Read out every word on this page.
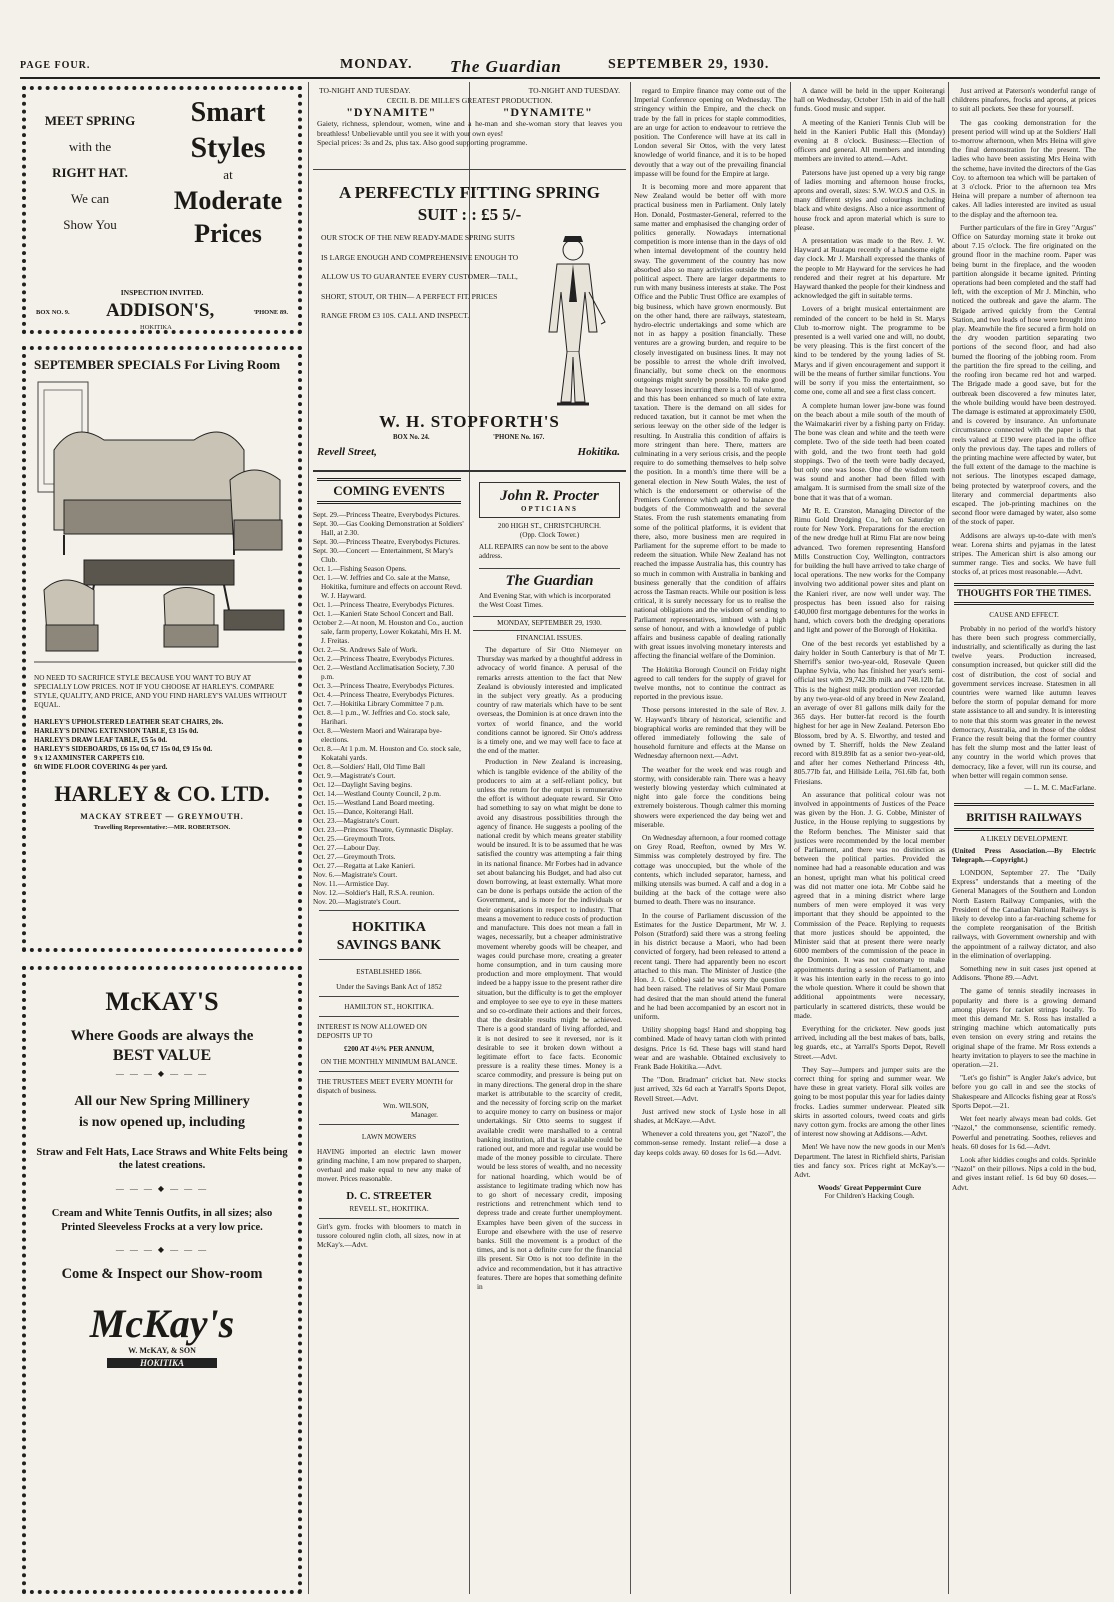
PAGE FOUR.	MONDAY. The Guardian	SEPTEMBER 29, 1930.
MEET SPRING
with the
RIGHT HAT.
We can
Show You
Smart
Styles
at
Moderate
Prices
INSPECTION INVITED.
BOX NO. 9. ADDISON'S,	'PHONE 89.
HOKITIKA
SEPTEMBER SPECIALS For Living Room
NO NEED TO SACRIFICE STYLE BECAUSE YOU WANT TO BUY AT SPECIALLY LOW PRICES. NOT IF YOU CHOOSE AT HARLEY'S. COMPARE STYLE, QUALITY, AND PRICE, AND YOU FIND HARLEY'S VALUES WITHOUT EQUAL.
HARLEY'S UPHOLSTERED LEATHER SEAT CHAIRS, 20s.
HARLEY'S DINING EXTENSION TABLE, £3 15s 0d.
HARLEY'S DRAW LEAF TABLE, £5 5s 0d.
HARLEY'S SIDEBOARDS, £6 15s 0d, £7 15s 0d, £9 15s 0d.
9 x 12 AXMINSTER CARPETS £10.
6ft WIDE FLOOR COVERING 4s per yard.
HARLEY & CO. LTD.
MACKAY STREET — GREYMOUTH.
Travelling Representative:—MR. ROBERTSON.
McKAY'S
Where Goods are always the
BEST VALUE
— — — ◆ — — —
All our New Spring Millinery
is now opened up, including
Straw and Felt Hats, Lace Straws and White Felts being the latest creations.
— — — ◆ — — —
Cream and White Tennis Outfits, in all sizes; also Printed Sleeveless Frocks at a very low price.
— — — ◆ — — —
Come & Inspect our Show-room
McKay's
W. McKAY, & SON
HOKITIKA
TO-NIGHT AND TUESDAY.	TO-NIGHT AND TUESDAY.
CECIL B. DE MILLE'S GREATEST PRODUCTION.
"DYNAMITE"	"DYNAMITE"
Gaiety, richness, splendour, women, wine and a he-man and she-woman story that leaves you breathless! Unbelievable until you see it with your own eyes!
Special prices: 3s and 2s, plus tax. Also good supporting programme.
A PERFECTLY FITTING SPRING
SUIT : : £5 5/-
OUR STOCK OF THE NEW READY-MADE SPRING SUITS IS LARGE ENOUGH AND COMPREHENSIVE ENOUGH TO ALLOW US TO GUARANTEE EVERY CUSTOMER—TALL, SHORT, STOUT, OR THIN— A PERFECT FIT. PRICES RANGE FROM £3 10S. CALL AND INSPECT.
W. H. STOPFORTH'S
BOX No. 24.	'PHONE No. 167.
Revell Street,	Hokitika.
COMING EVENTS

Sept. 29.—Princess Theatre, Everybodys Pictures.

Sept. 30.—Gas Cooking Demonstration at Soldiers' Hall, at 2.30.

Sept. 30.—Princess Theatre, Everybodys Pictures.

Sept. 30.—Concert — Entertainment, St Mary's Club.

Oct. 1.—Fishing Season Opens.

Oct. 1.—W. Jeffries and Co. sale at the Manse, Hokitika, furniture and effects on account Revd. W. J. Hayward.

Oct. 1.—Princess Theatre, Everybodys Pictures.

Oct. 1.—Kanieri State School Concert and Ball.

October 2.—At noon, M. Houston and Co., auction sale, farm property, Lower Kokatahi, Mrs H. M. J. Freitas.

Oct. 2.—St. Andrews Sale of Work.

Oct. 2.—Princess Theatre, Everybodys Pictures.

Oct. 2.—Westland Acclimatisation Society, 7.30 p.m.

Oct. 3.—Princess Theatre, Everybodys Pictures.

Oct. 4.—Princess Theatre, Everybodys Pictures.

Oct. 7.—Hokitika Library Committee 7 p.m.

Oct. 8.—1 p.m., W. Jeffries and Co. stock sale, Harihari.

Oct. 8.—Western Maori and Wairarapa bye-elections.

Oct. 8.—At 1 p.m. M. Houston and Co. stock sale, Kokatahi yards.

Oct. 8.—Soldiers' Hall, Old Time Ball

Oct. 9.—Magistrate's Court.

Oct. 12—Daylight Saving begins.

Oct. 14.—Westland County Council, 2 p.m.

Oct. 15.—Westland Land Board meeting.

Oct. 15.—Dance, Koiterangi Hall.

Oct. 23.—Magistrate's Court.

Oct. 23.—Princess Theatre, Gymnastic Display.

Oct. 25.—Greymouth Trots.

Oct. 27.—Labour Day.

Oct. 27.—Greymouth Trots.

Oct. 27.—Regatta at Lake Kanieri.

Nov. 6.—Magistrate's Court.

Nov. 11.—Armistice Day.

Nov. 12.—Soldier's Hall, R.S.A. reunion.

Nov. 20.—Magistrate's Court.

HOKITIKA
SAVINGS BANK
ESTABLISHED 1866.
Under the Savings Bank Act of 1852
HAMILTON ST., HOKITIKA.
INTEREST IS NOW ALLOWED ON DEPOSITS UP TO
£200 AT 4½% PER ANNUM,
ON THE MONTHLY MINIMUM BALANCE.
THE TRUSTEES MEET EVERY MONTH for dispatch of business.
Wm. WILSON,
Manager.
LAWN MOWERS
HAVING imported an electric lawn mower grinding machine, I am now prepared to sharpen, overhaul and make equal to new any make of mower. Prices reasonable.
D. C. STREETER
REVELL ST., HOKITIKA.
Girl's gym. frocks with bloomers to match in tussore coloured nglin cloth, all sizes, now in at McKay's.—Advt.
John R. Procter
OPTICIANS
200 HIGH ST., CHRISTCHURCH.
(Opp. Clock Tower.)
ALL REPAIRS can now be sent to the above address.
The Guardian
And Evening Star, with which is incorporated the West Coast Times.
MONDAY, SEPTEMBER 29, 1930.
FINANCIAL ISSUES.

The departure of Sir Otto Niemeyer on Thursday was marked by a thoughtful address in advocacy of world finance. A perusal of the remarks arrests attention to the fact that New Zealand is obviously interested and implicated in the subject very greatly. As a producing country of raw materials which have to be sent overseas, the Dominion is at once drawn into the vortex of world finance, and the world conditions cannot be ignored. Sir Otto's address is a timely one, and we may well face to face at the end of the matter.

Production in New Zealand is increasing, which is tangible evidence of the ability of the producers to aim at a self-reliant policy, but unless the return for the output is remunerative the effort is without adequate reward. Sir Otto had something to say on what might be done to avoid any disastrous possibilities through the agency of finance. He suggests a pooling of the national credit by which means greater stability would be insured. It is to be assumed that he was satisfied the country was attempting a fair thing in its national finance. Mr Forbes had in advance set about balancing his Budget, and had also cut down borrowing, at least externally. What more can be done is perhaps outside the action of the Government, and is more for the individuals or their organisations in respect to industry. That means a movement to reduce costs of production and manufacture. This does not mean a fall in wages, necessarily, but a cheaper administrative movement whereby goods will be cheaper, and wages could purchase more, creating a greater home consumption, and in turn causing more production and more employment. That would indeed be a happy issue to the present rather dire situation, but the difficulty is to get the employer and employee to see eye to eye in these matters and so co-ordinate their actions and their forces, that the desirable results might be achieved. There is a good standard of living afforded, and it is not desired to see it reversed, nor is it desirable to see it broken down without a legitimate effort to face facts. Economic pressure is a reality these times. Money is a scarce commodity, and pressure is being put on in many directions. The general drop in the share market is attributable to the scarcity of credit, and the necessity of forcing scrip on the market to acquire money to carry on business or major undertakings. Sir Otto seems to suggest if available credit were marshalled to a central banking institution, all that is available could be rationed out, and more and regular use would be made of the money possible to circulate. There would be less stores of wealth, and no necessity for national hoarding, which would be of assistance to legitimate trading which now has to go short of necessary credit, imposing restrictions and retrenchment which tend to depress trade and create further unemployment. Examples have been given of the success in Europe and elsewhere with the use of reserve banks. Still the movement is a product of the times, and is not a definite cure for the financial ills present. Sir Otto is not too definite in the advice and recommendation, but it has attractive features. There are hopes that something definite in

regard to Empire finance may come out of the Imperial Conference opening on Wednesday. The stringency within the Empire, and the check on trade by the fall in prices for staple commodities, are an urge for action to endeavour to retrieve the position. The Conference will have at its call in London several Sir Ottos, with the very latest knowledge of world finance, and it is to be hoped devoutly that a way out of the prevailing financial impasse will be found for the Empire at large.

It is becoming more and more apparent that New Zealand would be better off with more practical business men in Parliament. Only lately Hon. Donald, Postmaster-General, referred to the same matter and emphasised the changing order of politics generally. Nowadays international competition is more intense than in the days of old when internal development of the country held sway. The government of the country has now absorbed also so many activities outside the mere political aspect. There are larger departments to run with many business interests at stake. The Post Office and the Public Trust Office are examples of big business, which have grown enormously. But on the other hand, there are railways, statesteam, hydro-electric undertakings and some which are not in as happy a position financially. These ventures are a growing burden, and require to be closely investigated on business lines. It may not be possible to arrest the whole drift involved, financially, but some check on the enormous outgoings might surely be possible. To make good the heavy losses incurring there is a toll of volume, and this has been enhanced so much of late extra taxation. There is the demand on all sides for reduced taxation, but it cannot be met when the serious leeway on the other side of the ledger is resulting. In Australia this condition of affairs is more stringent than here. There, matters are culminating in a very serious crisis, and the people require to do something themselves to help solve the position. In a month's time there will be a general election in New South Wales, the test of which is the endorsement or otherwise of the Premiers Conference which agreed to balance the budgets of the Commonwealth and the several States. From the rush statements emanating from some of the political platforms, it is evident that there, also, more business men are required in Parliament for the supreme effort to be made to redeem the situation. While New Zealand has not reached the impasse Australia has, this country has so much in common with Australia in banking and business generally that the condition of affairs across the Tasman reacts. While our position is less critical, it is surely necessary for us to realise the national obligations and the wisdom of sending to Parliament representatives, imbued with a high sense of honour, and with a knowledge of public affairs and business capable of dealing rationally with great issues involving monetary interests and affecting the financial welfare of the Dominion.

The Hokitika Borough Council on Friday night agreed to call tenders for the supply of gravel for twelve months, not to continue the contract as reported in the previous issue.

Those persons interested in the sale of Rev. J. W. Hayward's library of historical, scientific and biographical works are reminded that they will be offered immediately following the sale of household furniture and effects at the Manse on Wednesday afternoon next.—Advt.

The weather for the week end was rough and stormy, with considerable rain. There was a heavy westerly blowing yesterday which culminated at night into gale force the conditions being extremely boisterous. Though calmer this morning showers were experienced the day being wet and miserable.

On Wednesday afternoon, a four roomed cottage on Grey Road, Reefton, owned by Mrs W. Simmiss was completely destroyed by fire. The cottage was unoccupied, but the whole of the contents, which included separator, harness, and milking utensils was burned. A calf and a dog in a building at the back of the cottage were also burned to death. There was no insurance.

In the course of Parliament discussion of the Estimates for the Justice Department, Mr W. J. Polson (Stratford) said there was a strong feeling in his district because a Maori, who had been convicted of forgery, had been released to attend a recent tangi. There had apparently been no escort attached to this man. The Minister of Justice (the Hon. J. G. Cobbe) said he was sorry the question had been raised. The relatives of Sir Maui Pomare had desired that the man should attend the funeral and he had been accompanied by an escort not in uniform.

Utility shopping bags! Hand and shopping bag combined. Made of heavy tartan cloth with printed designs. Price 1s 6d. These bags will stand hard wear and are washable. Obtained exclusively to Frank Bade Hokitika.—Advt.

The "Don. Bradman" cricket bat. New stocks just arrived, 32s 6d each at Yarrall's Sports Depot, Revell Street.—Advt.

Just arrived new stock of Lysle hose in all shades, at McKaye.—Advt.

Whenever a cold threatens you, get "Nazol", the common-sense remedy. Instant relief—a dose a day keeps colds away. 60 doses for 1s 6d.—Advt.

A dance will be held in the upper Koiterangi hall on Wednesday, October 15th in aid of the hall funds. Good music and supper.

A meeting of the Kanieri Tennis Club will be held in the Kanieri Public Hall this (Monday) evening at 8 o'clock. Business:—Election of officers and general. All members and intending members are invited to attend.—Advt.

Patersons have just opened up a very big range of ladies morning and afternoon house frocks, aprons and overall, sizes: S.W. W.O.S and O.S. in many different styles and colourings including black and white designs. Also a nice assortment of house frock and apron material which is sure to please.

A presentation was made to the Rev. J. W. Hayward at Ruatapu recently of a handsome eight day clock. Mr J. Marshall expressed the thanks of the people to Mr Hayward for the services he had rendered and their regret at his departure. Mr Hayward thanked the people for their kindness and acknowledged the gift in suitable terms.

Lovers of a bright musical entertainment are reminded of the concert to be held in St. Marys Club to-morrow night. The programme to be presented is a well varied one and will, no doubt, be very pleasing. This is the first concert of the kind to be tendered by the young ladies of St. Marys and if given encouragement and support it will be the means of further similar functions. You will be sorry if you miss the entertainment, so come one, come all and see a first class concert.

A complete human lower jaw-bone was found on the beach about a mile south of the mouth of the Waimakariri river by a fishing party on Friday. The bone was clean and white and the teeth were complete. Two of the side teeth had been coated with gold, and the two front teeth had gold stoppings. Two of the teeth were badly decayed, but only one was loose. One of the wisdom teeth was sound and another had been filled with amalgam. It is surmised from the small size of the bone that it was that of a woman.

Mr R. E. Cranston, Managing Director of the Rimu Gold Dredging Co., left on Saturday en route for New York. Preparations for the erection of the new dredge hull at Rimu Flat are now being advanced. Two foremen representing Hansford Mills Construction Coy, Wellington, contractors for building the hull have arrived to take charge of local operations. The new works for the Company involving two additional power sites and plant on the Kanieri river, are now well under way. The prospectus has been issued also for raising £40,000 first mortgage debentures for the works in hand, which covers both the dredging operations and light and power of the Borough of Hokitika.

One of the best records yet established by a dairy holder in South Canterbury is that of Mr T. Sherriff's senior two-year-old, Rosevale Queen Daphne Sylvia, who has finished her year's semi-official test with 29,742.3lb milk and 748.12lb fat. This is the highest milk production ever recorded by any two-year-old of any breed in New Zealand, an average of over 81 gallons milk daily for the 365 days. Her butter-fat record is the fourth highest for her age in New Zealand. Peterson Ebo Blossom, bred by A. S. Elworthy, and tested and owned by T. Sherriff, holds the New Zealand record with 819.89lb fat as a senior two-year-old, and after her comes Netherland Princess 4th, 805.77lb fat, and Hillside Leila, 761.6lb fat, both Friesians.

An assurance that political colour was not involved in appointments of Justices of the Peace was given by the Hon. J. G. Cobbe, Minister of Justice, in the House replying to suggestions by the Reform benches. The Minister said that justices were recommended by the local member of Parliament, and there was no distinction as between the political parties. Provided the nominee had had a reasonable education and was an honest, upright man what his political creed was did not matter one iota. Mr Cobbe said he agreed that in a mining district where large numbers of men were employed it was very important that they should be appointed to the Commission of the Peace. Replying to requests that more justices should be appointed, the Minister said that at present there were nearly 6000 members of the commission of the peace in the Dominion. It was not customary to make appointments during a session of Parliament, and it was his intention early in the recess to go into the whole question. Where it could be shown that additional appointments were necessary, particularly in scattered districts, these would be made.

Everything for the cricketer. New goods just arrived, including all the best makes of bats, balls, leg guards, etc., at Yarrall's Sports Depot, Revell Street.—Advt.

They Say—Jumpers and jumper suits are the correct thing for spring and summer wear. We have these in great variety. Floral silk voiles are going to be most popular this year for ladies dainty frocks. Ladies summer underwear. Pleated silk skirts in assorted colours, tweed coats and girls navy cotton gym. frocks are among the other lines of interest now showing at Addisons.—Advt.

Men! We have now the new goods in our Men's Department. The latest in Richfield shirts, Parisian ties and fancy sox. Prices right at McKay's.—Advt.

Woods' Great Peppermint Cure
For Children's Hacking Cough.

Just arrived at Paterson's wonderful range of childrens pinafores, frocks and aprons, at prices to suit all pockets. See these for yourself.

The gas cooking demonstration for the present period will wind up at the Soldiers' Hall to-morrow afternoon, when Mrs Heina will give the final demonstration for the present. The ladies who have been assisting Mrs Heina with the scheme, have invited the directors of the Gas Coy. to afternoon tea which will be partaken of at 3 o'clock. Prior to the afternoon tea Mrs Heina will prepare a number of afternoon tea cakes. All ladies interested are invited as usual to the display and the afternoon tea.

Further particulars of the fire in Grey "Argus" Office on Saturday morning state it broke out about 7.15 o'clock. The fire originated on the ground floor in the machine room. Paper was being burnt in the fireplace, and the wooden partition alongside it became ignited. Printing operations had been completed and the staff had left, with the exception of Mr J. Minchin, who noticed the outbreak and gave the alarm. The Brigade arrived quickly from the Central Station, and two leads of hose were brought into play. Meanwhile the fire secured a firm hold on the dry wooden partition separating two portions of the second floor, and had also burned the flooring of the jobbing room. From the partition the fire spread to the ceiling, and the roofing iron became red hot and warped. The Brigade made a good save, but for the outbreak been discovered a few minutes later, the whole building would have been destroyed. The damage is estimated at approximately £500, and is covered by insurance. An unfortunate circumstance connected with the paper is that reels valued at £190 were placed in the office only the previous day. The tapes and rollers of the printing machine were affected by water, but the full extent of the damage to the machine is not serious. The linotypes escaped damage, being protected by waterproof covers, and the literary and commercial departments also escaped. The job-printing machines on the second floor were damaged by water, also some of the stock of paper.

Addisons are always up-to-date with men's wear. Lorena shirts and pyjamas in the latest stripes. The American shirt is also among our summer range. Ties and socks. We have full stocks of, at prices most reasonable.—Advt.

THOUGHTS FOR THE TIMES.
CAUSE AND EFFECT.

Probably in no period of the world's history has there been such progress commercially, industrially, and scientifically as during the last twelve years. Production increased, consumption increased, but quicker still did the cost of distribution, the cost of social and government services increase. Statesmen in all countries were warned like autumn leaves before the storm of popular demand for more state assistance to all and sundry. It is interesting to note that this storm was greater in the newest democracy, Australia, and in those of the oldest France the result being that the former country has felt the slump most and the latter least of any country in the world which proves that democracy, like a fever, will run its course, and when better will regain common sense.

— L. M. C. MacFarlane.
BRITISH RAILWAYS
A LIKELY DEVELOPMENT.
(United Press Association.—By Electric Telegraph.—Copyright.)

LONDON, September 27. The "Daily Express" understands that a meeting of the General Managers of the Southern and London North Eastern Railway Companies, with the President of the Canadian National Railways is likely to develop into a far-reaching scheme for the complete reorganisation of the British railways, with Government ownership and with the appointment of a railway dictator, and also in the elimination of overlapping.

Something new in suit cases just opened at Addisons. 'Phone 89.—Advt.

The game of tennis steadily increases in popularity and there is a growing demand among players for racket strings locally. To meet this demand Mr. S. Ross has installed a stringing machine which automatically puts even tension on every string and retains the original shape of the frame. Mr Ross extends a hearty invitation to players to see the machine in operation.—21.

"Let's go fishin'" is Angler Jake's advice, but before you go call in and see the stocks of Shakespeare and Allcocks fishing gear at Ross's Sports Depot.—21.

Wet feet nearly always mean bad colds. Get "Nazol," the commonsense, scientific remedy. Powerful and penetrating. Soothes, relieves and heals. 60 doses for 1s 6d.—Advt.

Look after kiddies coughs and colds. Sprinkle "Nazol" on their pillows. Nips a cold in the bud, and gives instant relief. 1s 6d buy 60 doses.—Advt.
